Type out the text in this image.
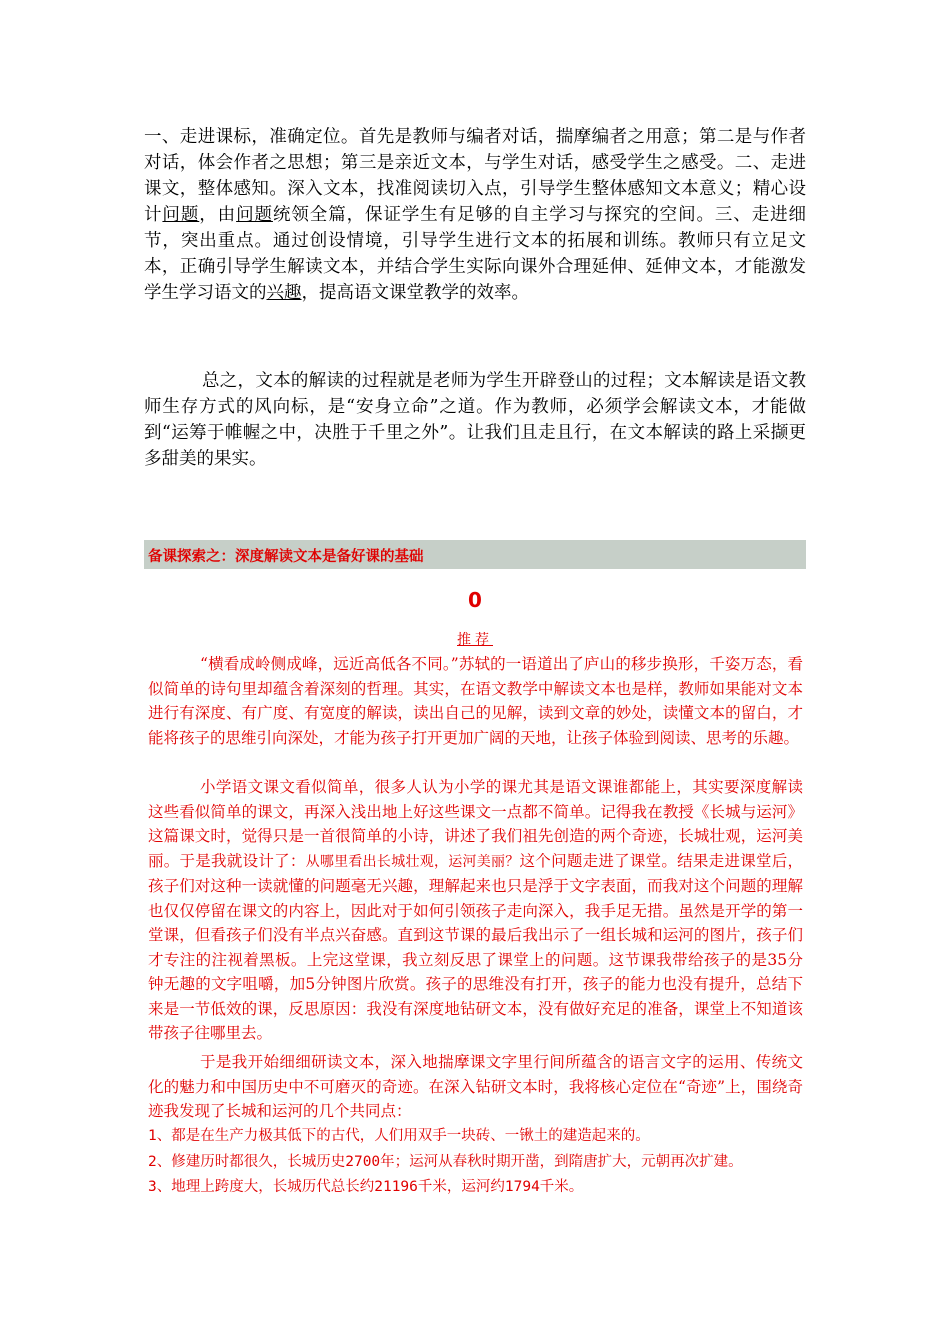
一、走进课标，准确定位。首先是教师与编者对话，揣摩编者之用意；第二是与作者对话，体会作者之思想；第三是亲近文本，与学生对话，感受学生之感受。二、走进课文，整体感知。深入文本，找准阅读切入点，引导学生整体感知文本意义；精心设计问题，由问题统领全篇，保证学生有足够的自主学习与探究的空间。三、走进细节，突出重点。通过创设情境，引导学生进行文本的拓展和训练。教师只有立足文本，正确引导学生解读文本，并结合学生实际向课外合理延伸、延伸文本，才能激发学生学习语文的兴趣，提高语文课堂教学的效率。
总之，文本的解读的过程就是老师为学生开辟登山的过程；文本解读是语文教师生存方式的风向标，是“安身立命”之道。作为教师，必须学会解读文本，才能做到“运筹于帷幄之中，决胜于千里之外”。让我们且走且行，在文本解读的路上采撷更多甜美的果实。
备课探索之：深度解读文本是备好课的基础
0
推荐
“横看成岭侧成峰，远近高低各不同。”苏轼的一语道出了庐山的移步换形，千姿万态，看似简单的诗句里却蕴含着深刻的哲理。其实，在语文教学中解读文本也是样，教师如果能对文本进行有深度、有广度、有宽度的解读，读出自己的见解，读到文章的妙处，读懂文本的留白，才能将孩子的思维引向深处，才能为孩子打开更加广阔的天地，让孩子体验到阅读、思考的乐趣。
小学语文课文看似简单，很多人认为小学的课尤其是语文课谁都能上，其实要深度解读这些看似简单的课文，再深入浅出地上好这些课文一点都不简单。记得我在教授《长城与运河》这篇课文时，觉得只是一首很简单的小诗，讲述了我们祖先创造的两个奇迹，长城壮观，运河美丽。于是我就设计了：从哪里看出长城壮观，运河美丽？这个问题走进了课堂。结果走进课堂后，孩子们对这种一读就懂的问题毫无兴趣，理解起来也只是浮于文字表面，而我对这个问题的理解也仅仅停留在课文的内容上，因此对于如何引领孩子走向深入，我手足无措。虽然是开学的第一堂课，但看孩子们没有半点兴奋感。直到这节课的最后我出示了一组长城和运河的图片，孩子们才专注的注视着黑板。上完这堂课，我立刻反思了课堂上的问题。这节课我带给孩子的是35分钟无趣的文字咀嚼，加5分钟图片欣赏。孩子的思维没有打开，孩子的能力也没有提升，总结下来是一节低效的课，反思原因：我没有深度地钻研文本，没有做好充足的准备，课堂上不知道该带孩子往哪里去。
于是我开始细细研读文本，深入地揣摩课文字里行间所蕴含的语言文字的运用、传统文化的魅力和中国历史中不可磨灭的奇迹。在深入钻研文本时，我将核心定位在“奇迹”上，围绕奇迹我发现了长城和运河的几个共同点：
1、都是在生产力极其低下的古代，人们用双手一块砖、一锹土的建造起来的。
2、修建历时都很久，长城历史2700年；运河从春秋时期开凿，到隋唐扩大，元朝再次扩建。
3、地理上跨度大，长城历代总长约21196千米，运河约1794千米。
